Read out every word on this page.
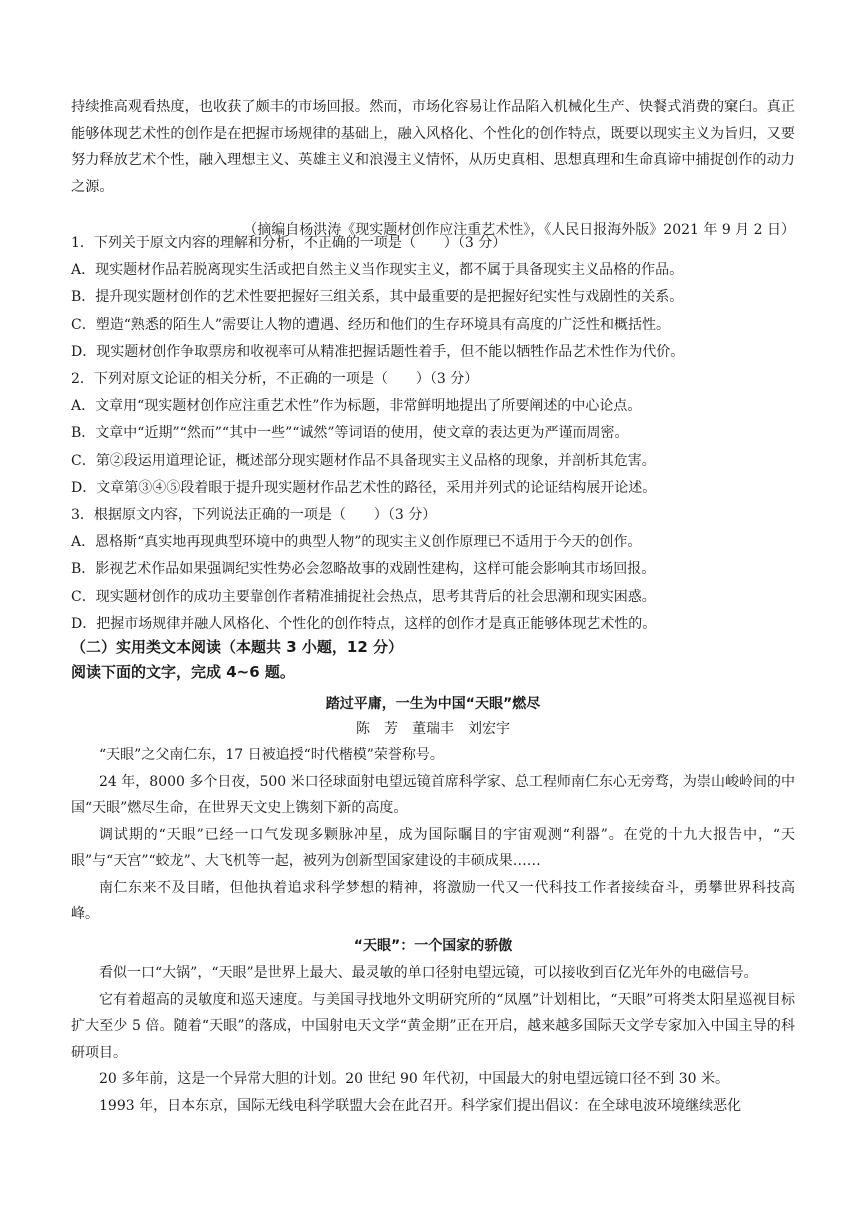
持续推高观看热度，也收获了颇丰的市场回报。然而，市场化容易让作品陷入机械化生产、快餐式消费的窠臼。真正能够体现艺术性的创作是在把握市场规律的基础上，融入风格化、个性化的创作特点，既要以现实主义为旨归，又要努力释放艺术个性，融入理想主义、英雄主义和浪漫主义情怀，从历史真相、思想真理和生命真谛中捕捉创作的动力之源。

（摘编自杨洪涛《现实题材创作应注重艺术性》，《人民日报海外版》2021 年 9 月 2 日）

1．下列关于原文内容的理解和分析，不正确的一项是（　　）（3 分）

A．现实题材作品若脱离现实生活或把自然主义当作现实主义，都不属于具备现实主义品格的作品。

B．提升现实题材创作的艺术性要把握好三组关系，其中最重要的是把握好纪实性与戏剧性的关系。

C．塑造“熟悉的陌生人”需要让人物的遭遇、经历和他们的生存环境具有高度的广泛性和概括性。

D．现实题材创作争取票房和收视率可从精准把握话题性着手，但不能以牺牲作品艺术性作为代价。

2．下列对原文论证的相关分析，不正确的一项是（　　）（3 分）

A．文章用“现实题材创作应注重艺术性”作为标题，非常鲜明地提出了所要阐述的中心论点。

B．文章中“近期”“然而”“其中一些”“诚然”等词语的使用，使文章的表达更为严谨而周密。

C．第②段运用道理论证，概述部分现实题材作品不具备现实主义品格的现象，并剖析其危害。

D．文章第③④⑤段着眼于提升现实题材作品艺术性的路径，采用并列式的论证结构展开论述。

3．根据原文内容，下列说法正确的一项是（　　）（3 分）

A．恩格斯“真实地再现典型环境中的典型人物”的现实主义创作原理已不适用于今天的创作。

B．影视艺术作品如果强调纪实性势必会忽略故事的戏剧性建构，这样可能会影响其市场回报。

C．现实题材创作的成功主要靠创作者精准捕捉社会热点，思考其背后的社会思潮和现实困惑。

D．把握市场规律并融人风格化、个性化的创作特点，这样的创作才是真正能够体现艺术性的。

（二）实用类文本阅读（本题共 3 小题，12 分）

阅读下面的文字，完成 4~6 题。

踏过平庸，一生为中国“天眼”燃尽

陈　芳　董瑞丰　刘宏宇

“天眼”之父南仁东，17 日被追授“时代楷模”荣誉称号。

24 年，8000 多个日夜，500 米口径球面射电望远镜首席科学家、总工程师南仁东心无旁骛，为崇山峻岭间的中国“天眼”燃尽生命，在世界天文史上镌刻下新的高度。

调试期的“天眼”已经一口气发现多颗脉冲星，成为国际瞩目的宇宙观测“利器”。在党的十九大报告中，“天眼”与“天宫”“蛟龙”、大飞机等一起，被列为创新型国家建设的丰硕成果……

南仁东来不及目睹，但他执着追求科学梦想的精神，将激励一代又一代科技工作者接续奋斗，勇攀世界科技高峰。

“天眼”：一个国家的骄傲

看似一口“大锅”，“天眼”是世界上最大、最灵敏的单口径射电望远镜，可以接收到百亿光年外的电磁信号。

它有着超高的灵敏度和巡天速度。与美国寻找地外文明研究所的“凤凰”计划相比，“天眼”可将类太阳星巡视目标扩大至少 5 倍。随着“天眼”的落成，中国射电天文学“黄金期”正在开启，越来越多国际天文学专家加入中国主导的科研项目。

20 多年前，这是一个异常大胆的计划。20 世纪 90 年代初，中国最大的射电望远镜口径不到 30 米。

1993 年，日本东京，国际无线电科学联盟大会在此召开。科学家们提出倡议：在全球电波环境继续恶化
